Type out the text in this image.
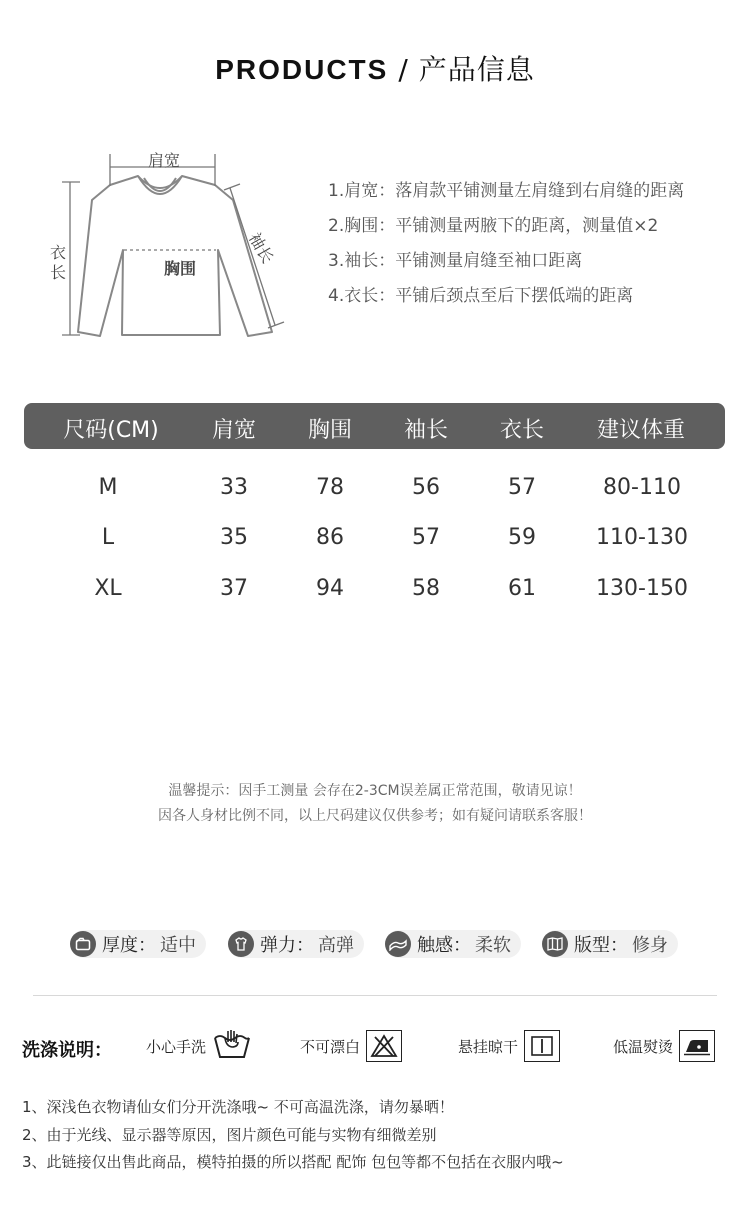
PRODUCTS / 产品信息
肩宽
胸围
袖长
衣
长
1.肩宽：落肩款平铺测量左肩缝到右肩缝的距离
2.胸围：平铺测量两腋下的距离，测量值×2
3.袖长：平铺测量肩缝至袖口距离
4.衣长：平铺后颈点至后下摆低端的距离
尺码(CM) 肩宽 胸围 袖长 衣长 建议体重
M	33	78	56	57	80-110
L	35	86	57	59	110-130
XL	37	94	58	61	130-150
温馨提示：因手工测量 会存在2-3CM误差属正常范围，敬请见谅！
因各人身材比例不同，以上尺码建议仅供参考；如有疑问请联系客服！
厚度 ： 适中	弹力 ： 高弹	触感 ： 柔软	版型 ： 修身
洗涤说明： 小心手洗	不可漂白	悬挂晾干	低温熨烫
1、深浅色衣物请仙女们分开洗涤哦~ 不可高温洗涤，请勿暴晒！
2、由于光线、显示器等原因，图片颜色可能与实物有细微差别
3、此链接仅出售此商品，模特拍摄的所以搭配 配饰 包包等都不包括在衣服内哦~
